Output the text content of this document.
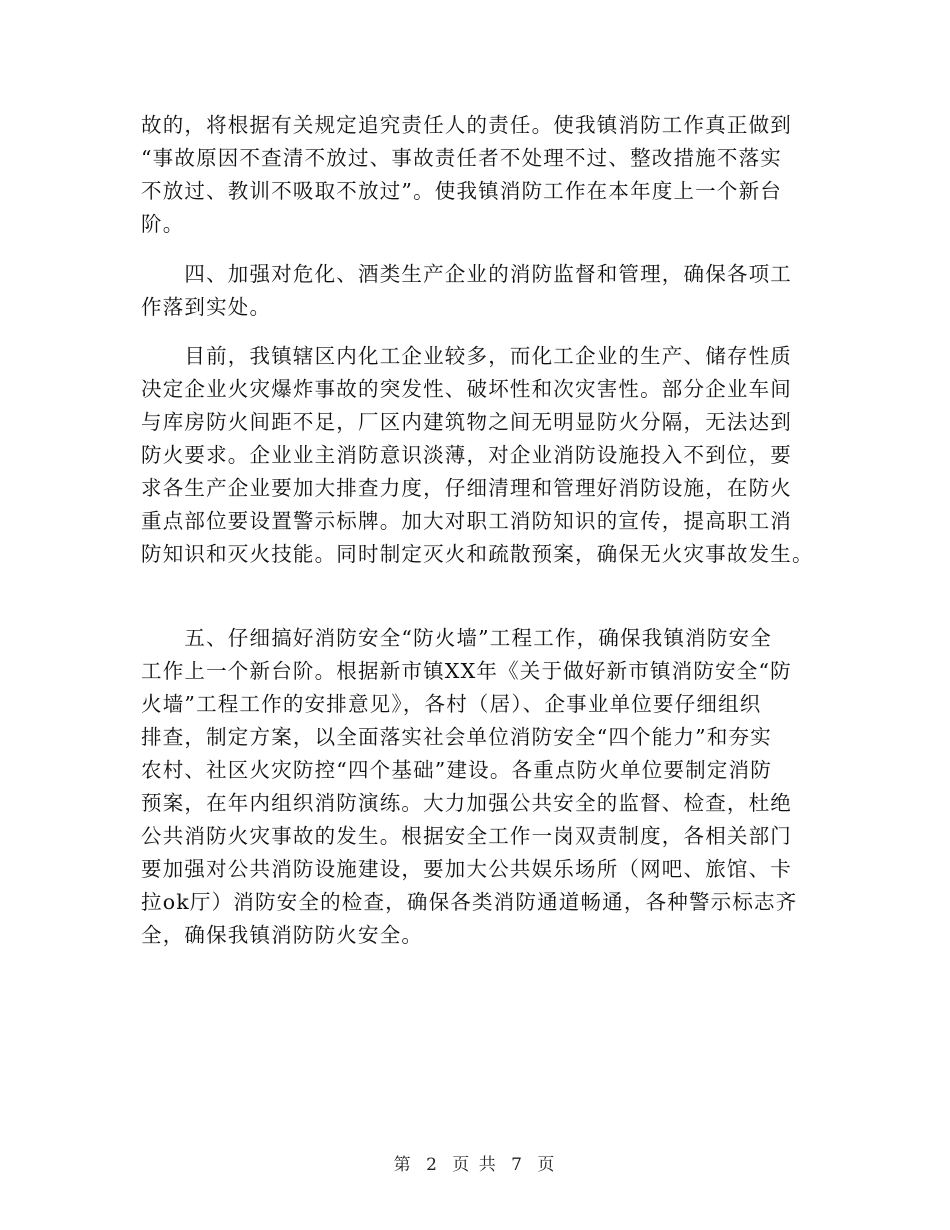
故的，将根据有关规定追究责任人的责任。使我镇消防工作真正做到
“事故原因不查清不放过、事故责任者不处理不过、整改措施不落实
不放过、教训不吸取不放过”。使我镇消防工作在本年度上一个新台
阶。
　　四、加强对危化、酒类生产企业的消防监督和管理，确保各项工
作落到实处。
　　目前，我镇辖区内化工企业较多，而化工企业的生产、储存性质
决定企业火灾爆炸事故的突发性、破坏性和次灾害性。部分企业车间
与库房防火间距不足，厂区内建筑物之间无明显防火分隔，无法达到
防火要求。企业业主消防意识淡薄，对企业消防设施投入不到位，要
求各生产企业要加大排查力度，仔细清理和管理好消防设施，在防火
重点部位要设置警示标牌。加大对职工消防知识的宣传，提高职工消
防知识和灭火技能。同时制定灭火和疏散预案，确保无火灾事故发生。
　　五、仔细搞好消防安全“防火墙”工程工作，确保我镇消防安全
工作上一个新台阶。根据新市镇XX年《关于做好新市镇消防安全“防
火墙”工程工作的安排意见》，各村（居）、企事业单位要仔细组织
排查，制定方案，以全面落实社会单位消防安全“四个能力”和夯实
农村、社区火灾防控“四个基础”建设。各重点防火单位要制定消防
预案，在年内组织消防演练。大力加强公共安全的监督、检查，杜绝
公共消防火灾事故的发生。根据安全工作一岗双责制度，各相关部门
要加强对公共消防设施建设，要加大公共娱乐场所（网吧、旅馆、卡
拉ok厅）消防安全的检查，确保各类消防通道畅通，各种警示标志齐
全，确保我镇消防防火安全。
第 2 页 共 7 页
